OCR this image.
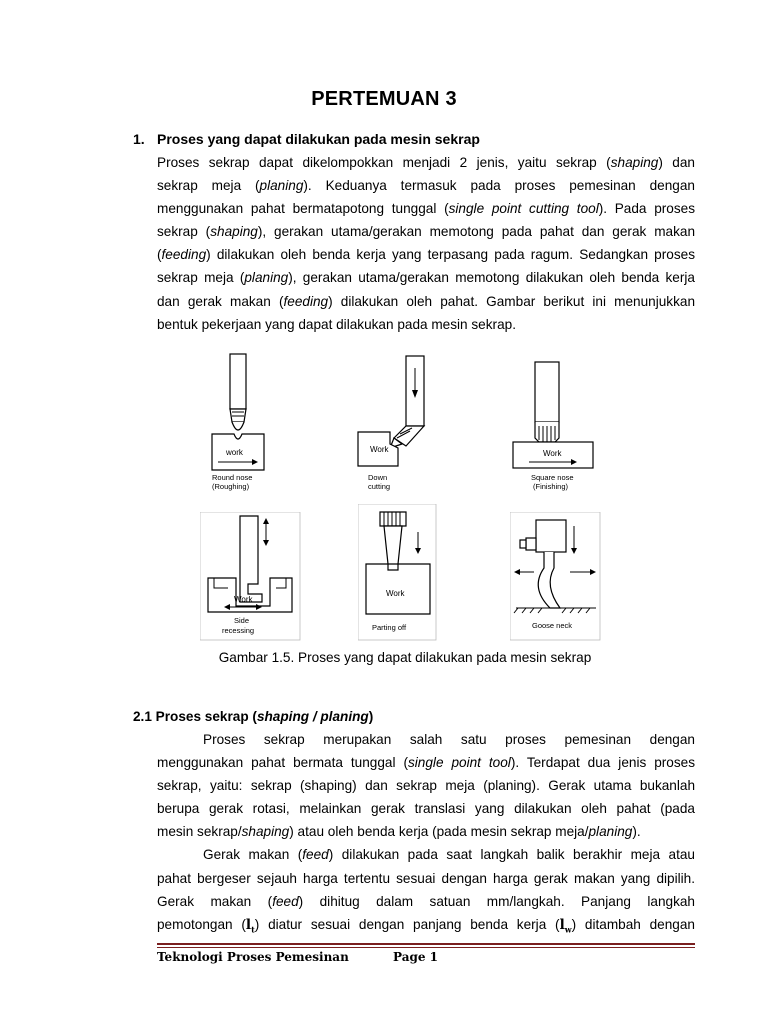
PERTEMUAN 3
1. Proses yang dapat dilakukan pada mesin sekrap
Proses sekrap dapat dikelompokkan menjadi 2 jenis, yaitu sekrap (shaping) dan
sekrap meja (planing). Keduanya termasuk pada proses pemesinan dengan
menggunakan pahat bermatapotong tunggal (single point cutting tool). Pada proses
sekrap (shaping), gerakan utama/gerakan memotong pada pahat dan gerak makan
(feeding) dilakukan oleh benda kerja yang terpasang pada ragum. Sedangkan proses
sekrap meja (planing), gerakan utama/gerakan memotong dilakukan oleh benda kerja
dan gerak makan (feeding) dilakukan oleh pahat. Gambar berikut ini menunjukkan
bentuk pekerjaan yang dapat dilakukan pada mesin sekrap.
work
Round nose
(Roughing)
Work
Down
cutting
Work
Square nose
(Finishing)
Work
Side
recessing
Work
Parting off	Goose neck
Gambar 1.5. Proses yang dapat dilakukan pada mesin sekrap
2.1 Proses sekrap (shaping / planing)
Proses sekrap merupakan salah satu proses pemesinan dengan
menggunakan pahat bermata tunggal (single point tool). Terdapat dua jenis proses
sekrap, yaitu: sekrap (shaping) dan sekrap meja (planing). Gerak utama bukanlah
berupa gerak rotasi, melainkan gerak translasi yang dilakukan oleh pahat (pada
mesin sekrap/shaping) atau oleh benda kerja (pada mesin sekrap meja/planing).
Gerak makan (feed) dilakukan pada saat langkah balik berakhir meja atau
pahat bergeser sejauh harga tertentu sesuai dengan harga gerak makan yang dipilih.
Gerak makan (feed) dihitug dalam satuan mm/langkah. Panjang langkah
pemotongan $(l_t)$ diatur sesuai dengan panjang benda kerja $(l_w)$ ditambah dengan
Teknologi Proses Pemesinan	Page 1
